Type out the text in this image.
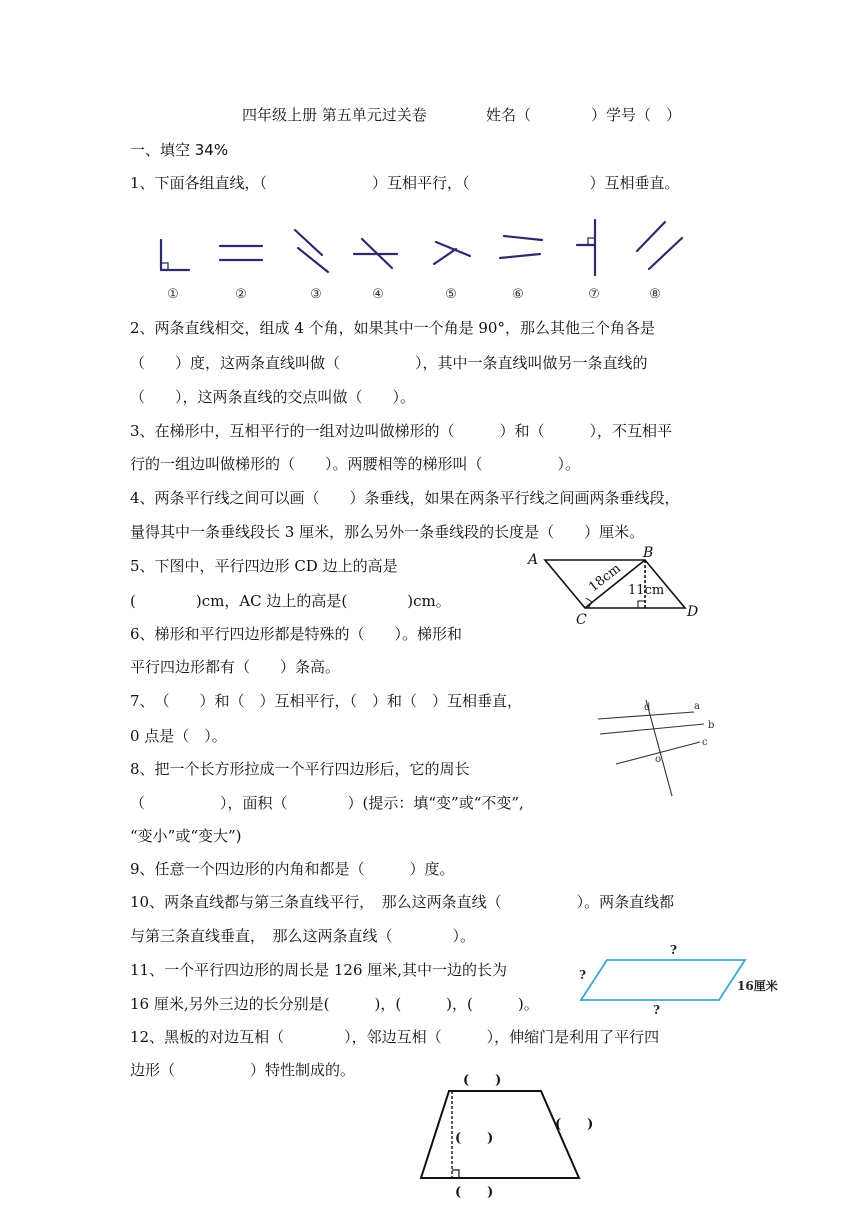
四年级上册 第五单元过关卷	姓名（　　　　）学号（　）
一、填空 34%
1、下面各组直线，（　　　　　　　）互相平行，（　　　　　　　　）互相垂直。
①	②	③	④	⑤	⑥	⑦	⑧
2、两条直线相交，组成 4 个角，如果其中一个角是 90°，那么其他三个角各是
（　　）度，这两条直线叫做（　　　　　），其中一条直线叫做另一条直线的
（　　），这两条直线的交点叫做（　　）。
3、在梯形中，互相平行的一组对边叫做梯形的（　　　）和（　　　），不互相平
行的一组边叫做梯形的（　　）。两腰相等的梯形叫（　　　　　）。
4、两条平行线之间可以画（　　）条垂线，如果在两条平行线之间画两条垂线段，
量得其中一条垂线段长 3 厘米，那么另外一条垂线段的长度是（　　）厘米。
5、下图中，平行四边形 CD 边上的高是
(　　　　)cm，AC 边上的高是(　　　　)cm。
A	B
C	D
18cm 11cm
6、梯形和平行四边形都是特殊的（　　）。梯形和
平行四边形都有（　　）条高。
7、　（　　）和（　）互相平行，（　）和（　）互相垂直，
0 点是（　）。
d	a
b
c
o
8、把一个长方形拉成一个平行四边形后，它的周长
（　　　　　），面积（　　　　）(提示：填“变”或“不变”,
“变小”或“变大”)
9、任意一个四边形的内角和都是（　　　）度。
10、两条直线都与第三条直线平行，　那么这两条直线（　　　　　）。两条直线都
与第三条直线垂直，　那么这两条直线（　　　　）。
11、一个平行四边形的周长是 126 厘米,其中一边的长为
16 厘米,另外三边的长分别是(　　　)，(　　　)，(　　　)。
?
?
?
16厘米
12、黑板的对边互相（　　　　），邻边互相（　　　），伸缩门是利用了平行四
边形（　　　　　）特性制成的。
(　　)
(　　)
(　　)
(　　)
